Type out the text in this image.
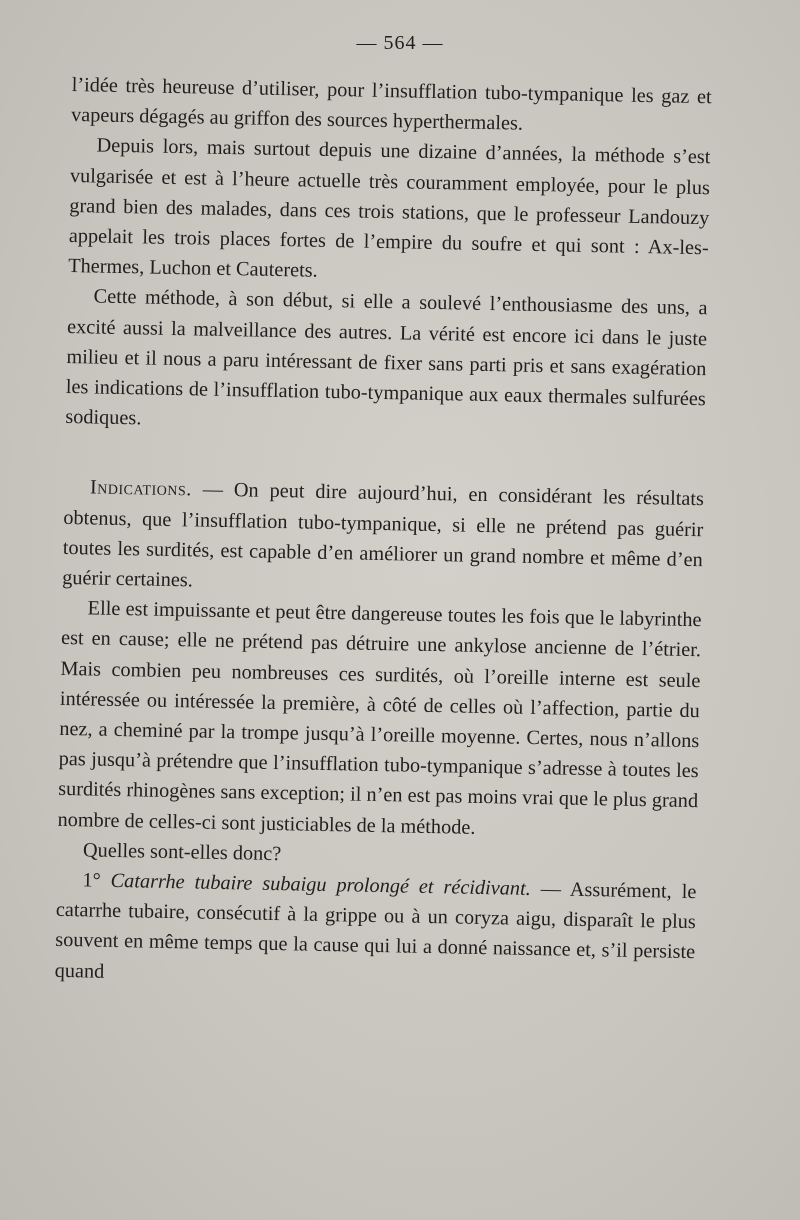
— 564 —

l’idée très heureuse d’utiliser, pour l’insufflation tubo-tympanique les gaz et vapeurs dégagés au griffon des sources hyperthermales.

Depuis lors, mais surtout depuis une dizaine d’années, la méthode s’est vulgarisée et est à l’heure actuelle très couramment employée, pour le plus grand bien des malades, dans ces trois stations, que le professeur Landouzy appelait les trois places fortes de l’empire du soufre et qui sont : Ax-les-Thermes, Luchon et Cauterets.

Cette méthode, à son début, si elle a soulevé l’enthousiasme des uns, a excité aussi la malveillance des autres. La vérité est encore ici dans le juste milieu et il nous a paru intéressant de fixer sans parti pris et sans exagération les indications de l’insufflation tubo-tympanique aux eaux thermales sulfurées sodiques.

Indications. — On peut dire aujourd’hui, en considérant les résultats obtenus, que l’insufflation tubo-tympanique, si elle ne prétend pas guérir toutes les surdités, est capable d’en améliorer un grand nombre et même d’en guérir certaines.

Elle est impuissante et peut être dangereuse toutes les fois que le labyrinthe est en cause; elle ne prétend pas détruire une ankylose ancienne de l’étrier. Mais combien peu nombreuses ces surdités, où l’oreille interne est seule intéressée ou intéressée la première, à côté de celles où l’affection, partie du nez, a cheminé par la trompe jusqu’à l’oreille moyenne. Certes, nous n’allons pas jusqu’à prétendre que l’insufflation tubo-tympanique s’adresse à toutes les surdités rhinogènes sans exception; il n’en est pas moins vrai que le plus grand nombre de celles-ci sont justiciables de la méthode.

Quelles sont-elles donc?

1° Catarrhe tubaire subaigu prolongé et récidivant. — Assurément, le catarrhe tubaire, consécutif à la grippe ou à un coryza aigu, disparaît le plus souvent en même temps que la cause qui lui a donné naissance et, s’il persiste quand
